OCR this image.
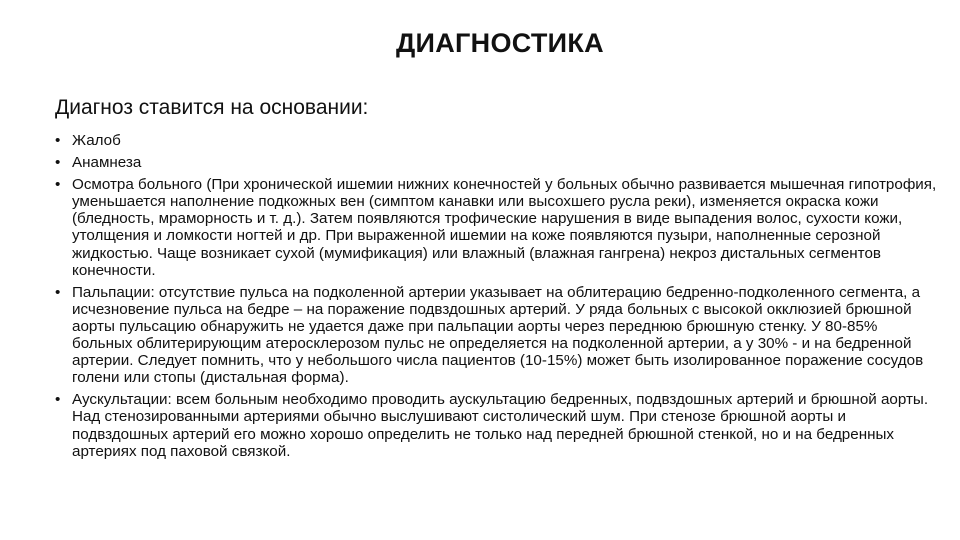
ДИАГНОСТИКА

Диагноз ставится на основании:

• Жалоб
• Анамнеза
• Осмотра больного (При хронической ишемии нижних конечностей у больных обычно развивается мышечная гипотрофия, уменьшается наполнение подкожных вен (симптом канавки или высохшего русла реки), изменяется окраска кожи (бледность, мраморность и т. д.). Затем появляются трофические нарушения в виде выпадения волос, сухости кожи, утолщения и ломкости ногтей и др. При выраженной ишемии на коже появляются пузыри, наполненные серозной жидкостью. Чаще возникает сухой (мумификация) или влажный (влажная гангрена) некроз дистальных сегментов конечности.
• Пальпации: отсутствие пульса на подколенной артерии указывает на облитерацию бедренно-подколенного сегмента, а исчезновение пульса на бедре – на поражение подвздошных артерий. У ряда больных с высокой окклюзией брюшной аорты пульсацию обнаружить не удается даже при пальпации аорты через переднюю брюшную стенку. У 80-85% больных облитерирующим атеросклерозом пульс не определяется на подколенной артерии, а у 30% - и на бедренной артерии. Следует помнить, что у небольшого числа пациентов (10-15%) может быть изолированное поражение сосудов голени или стопы (дистальная форма).
• Аускультации: всем больным необходимо проводить аускультацию бедренных, подвздошных артерий и брюшной аорты. Над стенозированными артериями обычно выслушивают систолический шум. При стенозе брюшной аорты и подвздошных артерий его можно хорошо определить не только над передней брюшной стенкой, но и на бедренных артериях под паховой связкой.
